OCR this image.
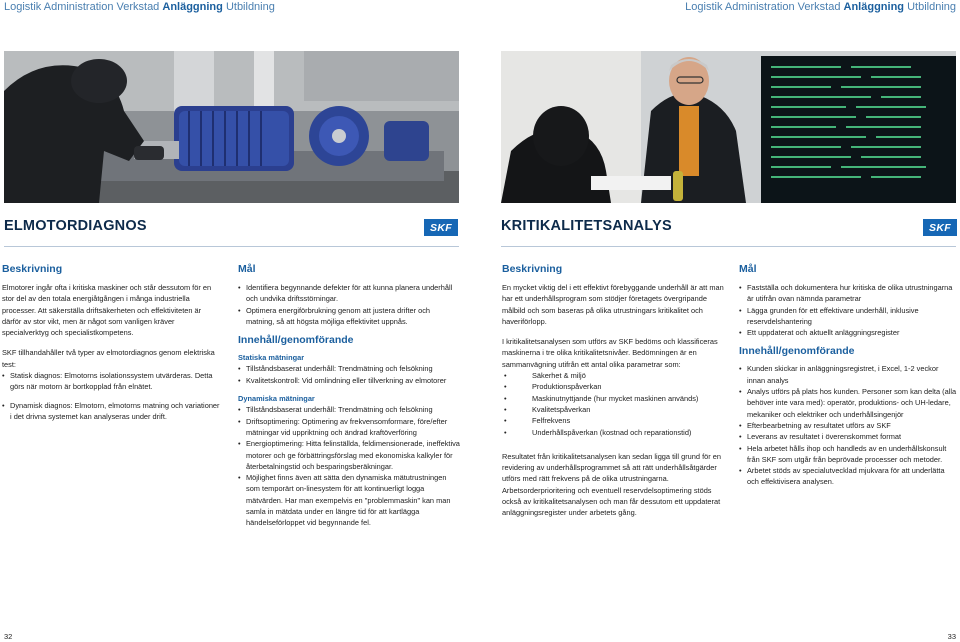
Logistik Administration Verkstad Anläggning Utbildning	Logistik Administration Verkstad Anläggning Utbildning
ELMOTORDIAGNOS	SKF	KRITIKALITETSANALYS	SKF
Beskrivning

Elmotorer ingår ofta i kritiska maskiner och står dessutom för en stor del av den totala energiåtgången i många industriella processer. Att säkerställa driftsäkerheten och effektiviteten är därför av stor vikt, men är något som vanligen kräver specialverktyg och specialistkompetens.

SKF tillhandahåller två typer av elmotordiagnos genom elektriska test:

• Statisk diagnos: Elmotorns isolationssystem utvärderas. Detta görs när motorn är bortkopplad från elnätet.
• Dynamisk diagnos: Elmotorn, elmotorns matning och variationer i det drivna systemet kan analyseras under drift.
Mål
• Identifiera begynnande defekter för att kunna planera underhåll och undvika driftsstörningar.
• Optimera energiförbrukning genom att justera drifter och matning, så att högsta möjliga effektivitet uppnås.
Innehåll/genomförande
Statiska mätningar
• Tillståndsbaserat underhåll: Trendmätning och felsökning
• Kvalitetskontroll: Vid omlindning eller tillverkning av elmotorer
Dynamiska mätningar
• Tillståndsbaserat underhåll: Trendmätning och felsökning
• Driftsoptimering: Optimering av frekvensomformare, före/efter mätningar vid uppriktning och ändrad kraftöverföring
• Energioptimering: Hitta felinställda, feldimensionerade, ineffektiva motorer och ge förbättringsförslag med ekonomiska kalkyler för återbetalningstid och besparingsberäkningar.
• Möjlighet finns även att sätta den dynamiska mätutrustningen som temporärt on-linesystem för att kontinuerligt logga mätvärden. Har man exempelvis en "problemmaskin" kan man samla in mätdata under en längre tid för att kartlägga händelseförloppet vid begynnande fel.
Beskrivning

En mycket viktig del i ett effektivt förebyggande underhåll är att man har ett underhållsprogram som stödjer företagets övergripande målbild och som baseras på olika utrustningars kritikalitet och haveriförlopp.

I kritikalitetsanalysen som utförs av SKF bedöms och klassificeras maskinerna i tre olika kritikalitetsnivåer. Bedömningen är en sammanvägning utifrån ett antal olika parametrar som:

• Säkerhet & miljö
• Produktionspåverkan
• Maskinutnyttjande (hur mycket maskinen används)
• Kvalitetspåverkan
• Felfrekvens
• Underhållspåverkan (kostnad och reparationstid)

Resultatet från kritikalitetsanalysen kan sedan ligga till grund för en revidering av underhållsprogrammet så att rätt underhållsåtgärder utförs med rätt frekvens på de olika utrustningarna. Arbetsorderprioritering och eventuell reservdelsoptimering stöds också av kritikalitetsanalysen och man får dessutom ett uppdaterat anläggningsregister under arbetets gång.

Mål
• Fastställa och dokumentera hur kritiska de olika utrustningarna är utifrån ovan nämnda parametrar
• Lägga grunden för ett effektivare underhåll, inklusive reservdelshantering
• Ett uppdaterat och aktuellt anläggningsregister
Innehåll/genomförande
• Kunden skickar in anläggningsregistret, i Excel, 1-2 veckor innan analys
• Analys utförs på plats hos kunden. Personer som kan delta (alla behöver inte vara med): operatör, produktions- och UH-ledare, mekaniker och elektriker och underhållsingenjör
• Efterbearbetning av resultatet utförs av SKF
• Leverans av resultatet i överenskommet format
• Hela arbetet hålls ihop och handleds av en underhållskonsult från SKF som utgår från beprövade processer och metoder.
• Arbetet stöds av specialutvecklad mjukvara för att underlätta och effektivisera analysen.
32	33
